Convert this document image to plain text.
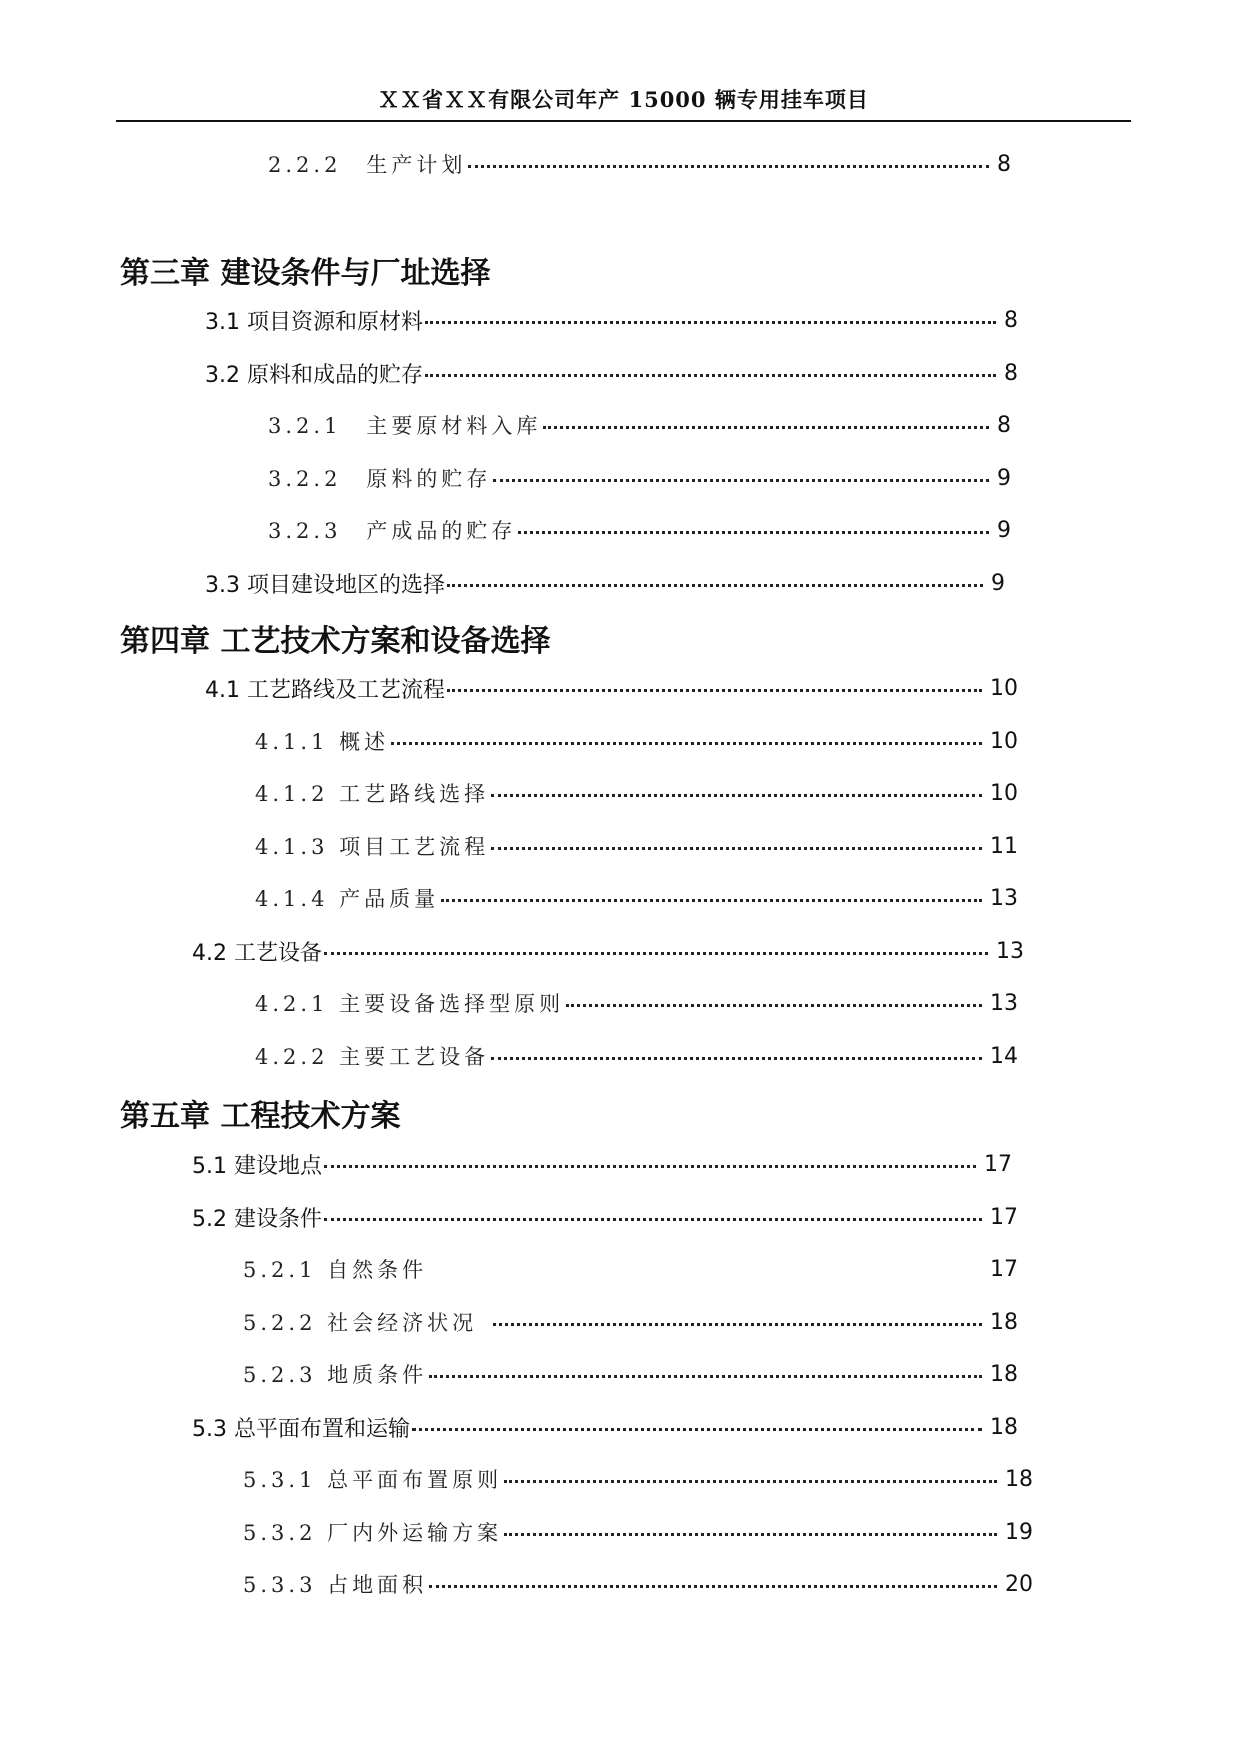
ＸＸ省ＸＸ有限公司年产 15000 辆专用挂车项目
2.2.2　生产计划	8
第三章 建设条件与厂址选择
3.1 项目资源和原材料	8
3.2 原料和成品的贮存	8
3.2.1　主要原材料入库	8
3.2.2　原料的贮存	9
3.2.3　产成品的贮存	9
3.3 项目建设地区的选择	9
第四章 工艺技术方案和设备选择
4.1 工艺路线及工艺流程	10
4.1.1 概述	10
4.1.2 工艺路线选择	10
4.1.3 项目工艺流程	11
4.1.4 产品质量	13
4.2 工艺设备	13
4.2.1 主要设备选择型原则	13
4.2.2 主要工艺设备	14
第五章 工程技术方案
5.1 建设地点	17
5.2 建设条件	17
5.2.1 自然条件	17
5.2.2 社会经济状况	18
5.2.3 地质条件	18
5.3 总平面布置和运输	18
5.3.1 总平面布置原则	18
5.3.2 厂内外运输方案	19
5.3.3 占地面积	20
